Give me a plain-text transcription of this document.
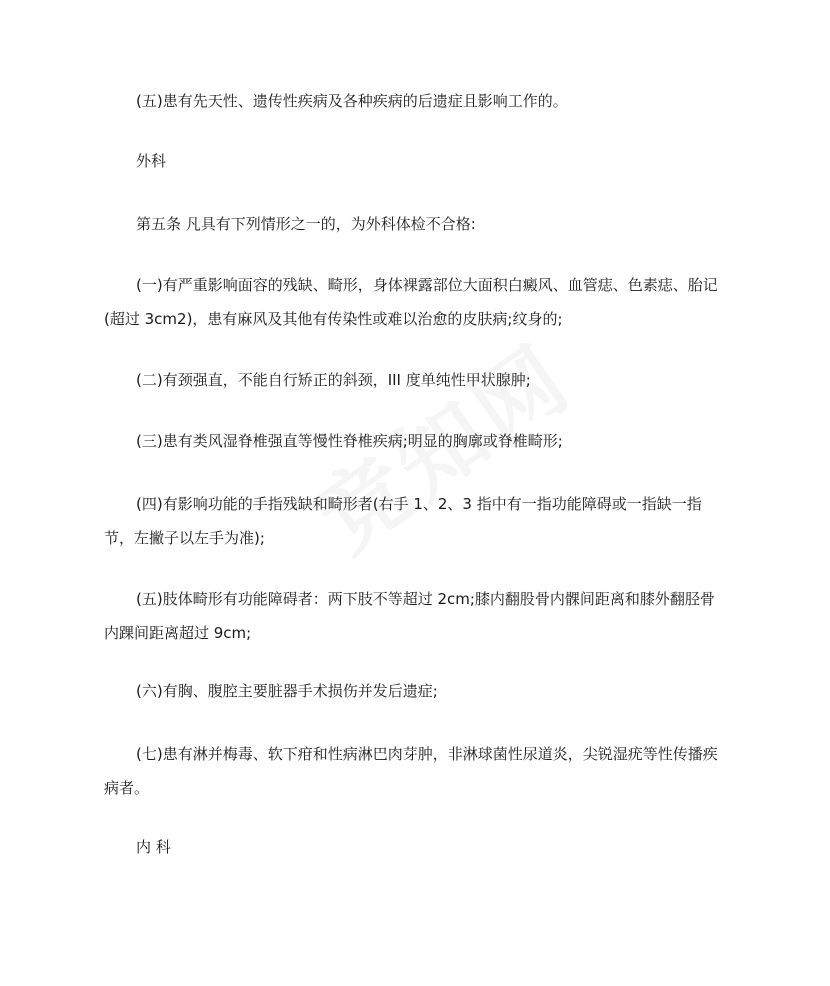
(五)患有先天性、遗传性疾病及各种疾病的后遗症且影响工作的。

外科

第五条 凡具有下列情形之一的，为外科体检不合格:

(一)有严重影响面容的残缺、畸形，身体裸露部位大面积白癜风、血管痣、色素痣、胎记(超过 3cm2)，患有麻风及其他有传染性或难以治愈的皮肤病;纹身的;

(二)有颈强直，不能自行矫正的斜颈，III 度单纯性甲状腺肿;

(三)患有类风湿脊椎强直等慢性脊椎疾病;明显的胸廓或脊椎畸形;

(四)有影响功能的手指残缺和畸形者(右手 1、2、3 指中有一指功能障碍或一指缺一指节，左撇子以左手为准);

(五)肢体畸形有功能障碍者：两下肢不等超过 2cm;膝内翻股骨内髁间距离和膝外翻胫骨内踝间距离超过 9cm;

(六)有胸、腹腔主要脏器手术损伤并发后遗症;

(七)患有淋并梅毒、软下疳和性病淋巴肉芽肿，非淋球菌性尿道炎，尖锐湿疣等性传播疾病者。

内 科
